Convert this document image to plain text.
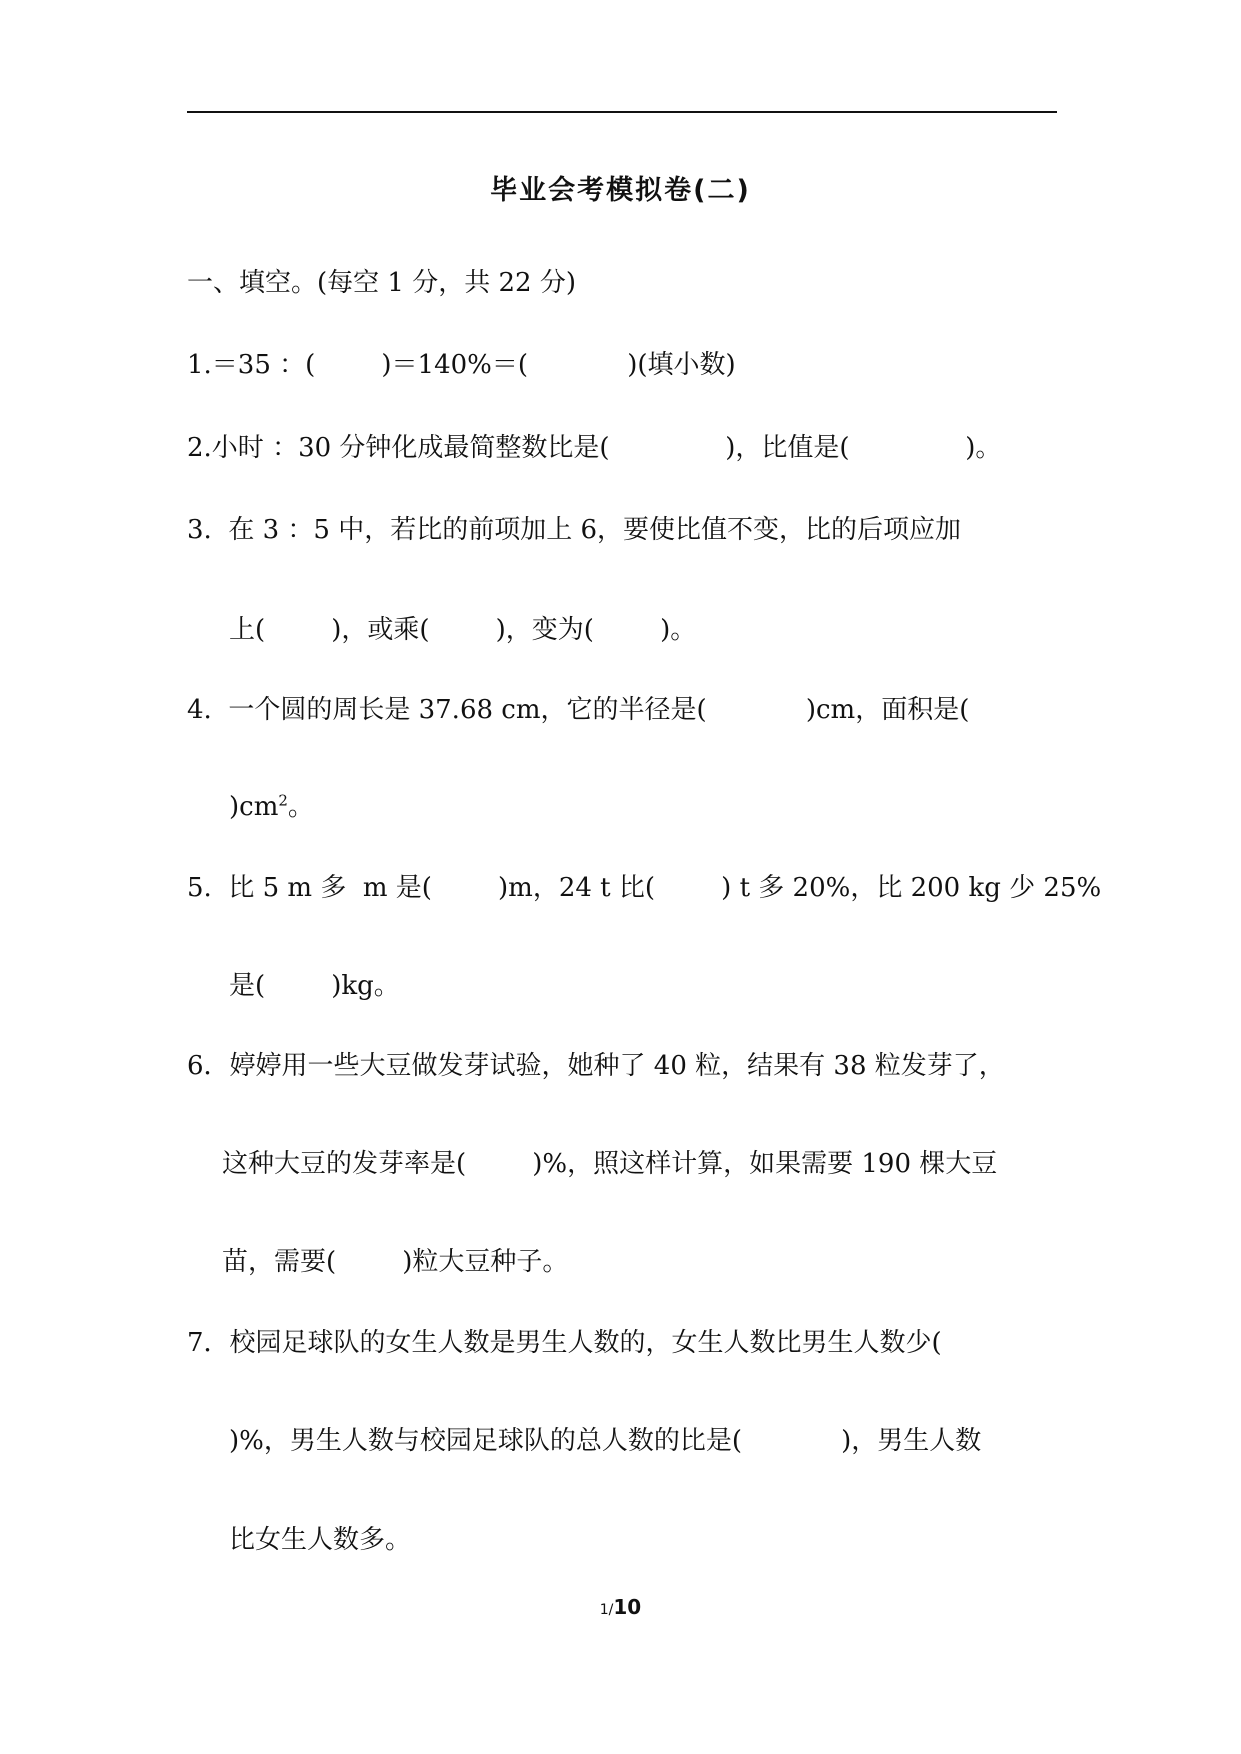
毕业会考模拟卷(二)
一、填空。(每空 1 分，共 22 分)
1.＝35 ：(        )＝140%＝(            )(填小数)
2.小时 ：30 分钟化成最简整数比是(              )，比值是(              )。
3.  在 3 ：5 中，若比的前项加上 6，要使比值不变，比的后项应加
上(        )，或乘(        )，变为(        )。
4.  一个圆的周长是 37.68 cm，它的半径是(            )cm，面积是(
)$cm^2$。
5.  比 5 m 多  m 是(        )m，24 t 比(        ) t 多 20%，比 200 kg 少 25%
是(        )kg。
6．婷婷用一些大豆做发芽试验，她种了 40 粒，结果有 38 粒发芽了，
这种大豆的发芽率是(        )%，照这样计算，如果需要 190 棵大豆
苗，需要(        )粒大豆种子。
7．校园足球队的女生人数是男生人数的，女生人数比男生人数少(
)%，男生人数与校园足球队的总人数的比是(            )，男生人数
比女生人数多。
1/10
